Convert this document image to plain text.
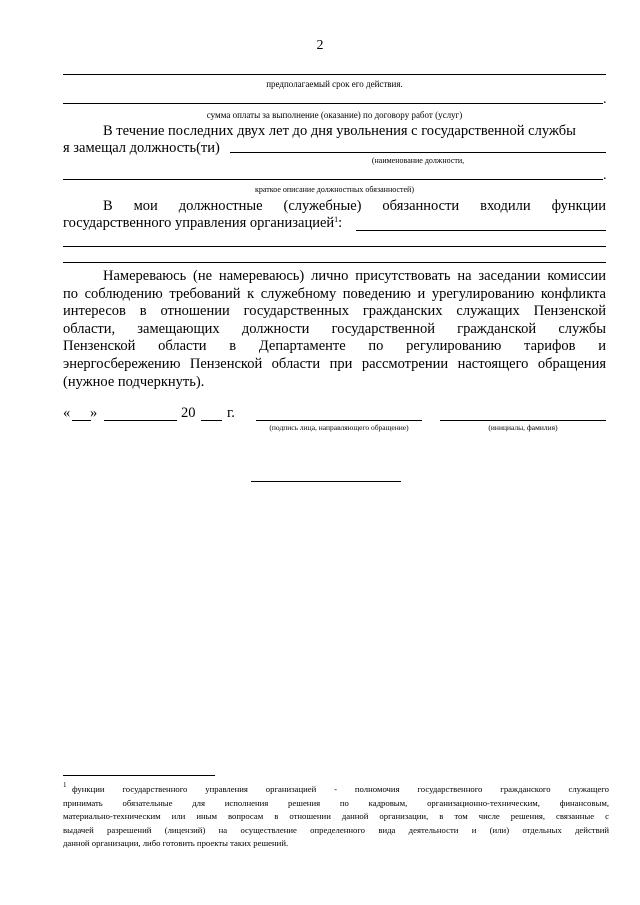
2
предполагаемый срок его действия.
.
сумма оплаты за выполнение (оказание) по договору работ (услуг)
В течение последних двух лет до дня увольнения с государственной службы
я замещал должность(ти)
(наименование должности,
.
краткое описание должностных обязанностей)
В мои должностные (служебные) обязанности входили функции
государственного управления организацией$^1$:
Намереваюсь (не намереваюсь) лично присутствовать на заседании комиссии
по соблюдению требований к служебному поведению и урегулированию конфликта
интересов в отношении государственных гражданских служащих Пензенской
области, замещающих должности государственной гражданской службы
Пензенской области в Департаменте по регулированию тарифов и
энергосбережению Пензенской области при рассмотрении настоящего обращения
(нужное подчеркнуть).
« »	20 г.
(подпись лица, направляющего обращение)	(инициалы, фамилия)
1 функции государственного управления организацией - полномочия государственного гражданского служащего
принимать обязательные для исполнения решения по кадровым, организационно-техническим, финансовым,
материально-техническим или иным вопросам в отношении данной организации, в том числе решения, связанные с
выдачей разрешений (лицензий) на осуществление определенного вида деятельности и (или) отдельных действий
данной организации, либо готовить проекты таких решений.
